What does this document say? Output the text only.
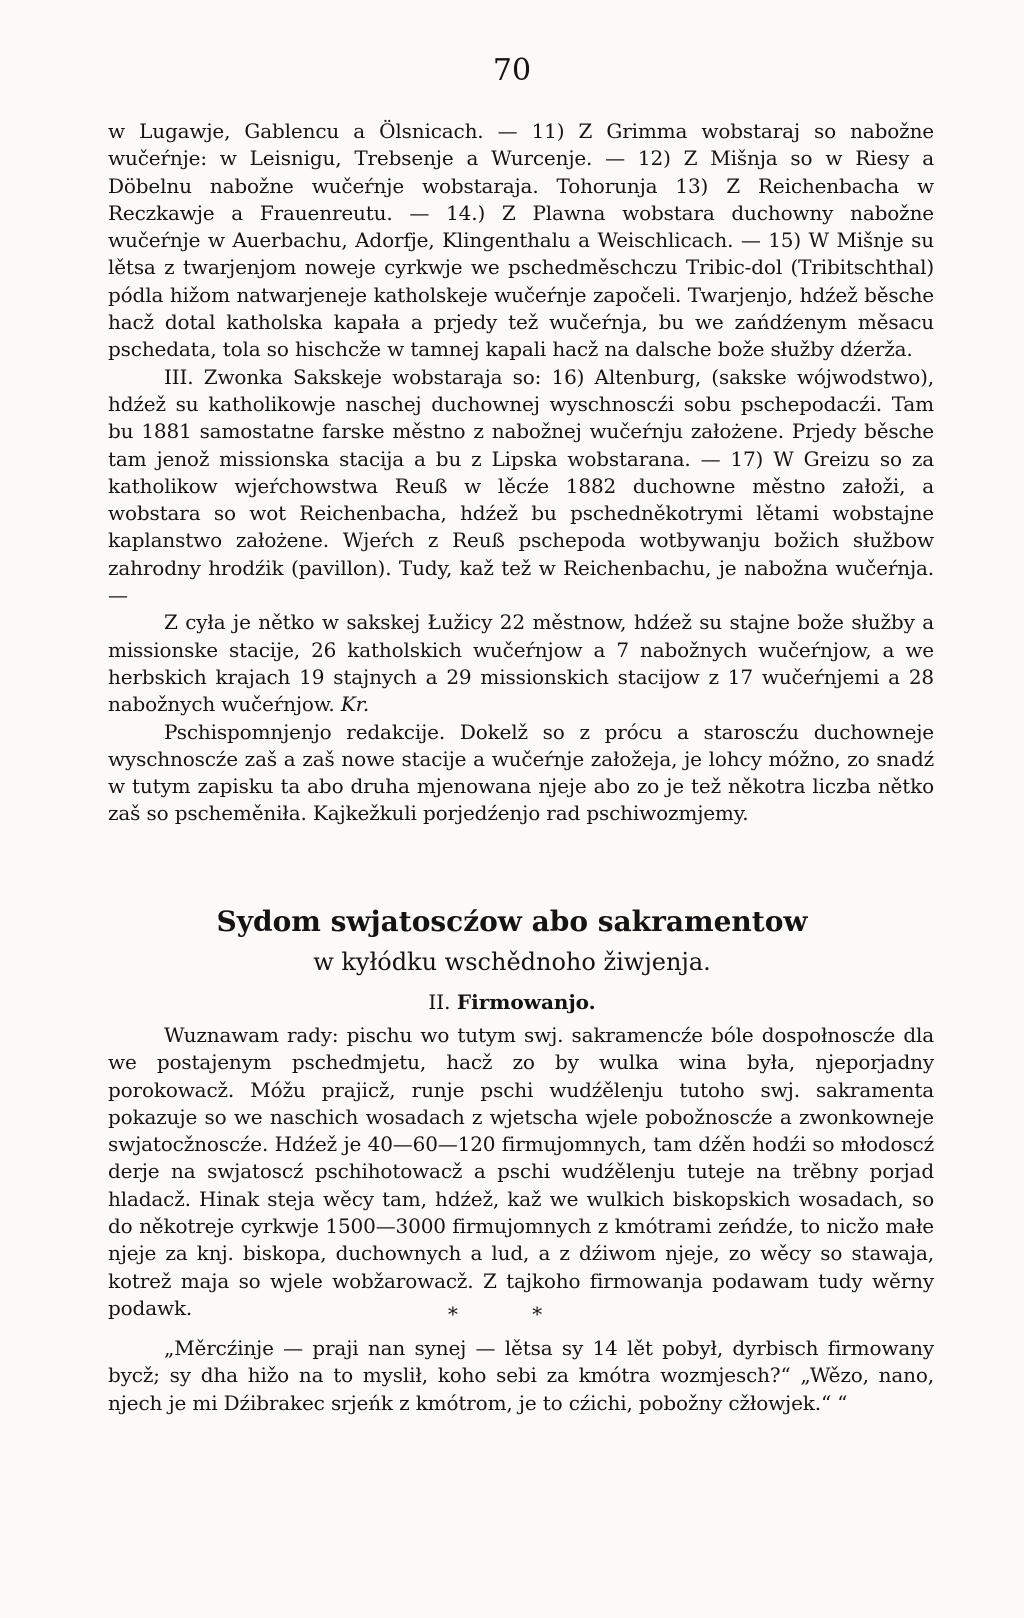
70

w Lugawje, Gablencu a Ölsnicach. — 11) Z Grimma wobstaraj so nabožne wučeŕnje: w Leisnigu, Trebsenje a Wurcenje. — 12) Z Mišnja so w Riesy a Döbelnu nabožne wučeŕnje wobstaraja. Tohorunja 13) Z Reichenbacha w Reczkawje a Frauenreutu. — 14.) Z Plawna wobstara duchowny nabožne wučeŕnje w Auerbachu, Adorfje, Klingenthalu a Weischlicach. — 15) W Mišnje su lětsa z twarjenjom noweje cyrkwje we pschedměschczu Tribic-dol (Tribitschthal) pódla hižom natwarjeneje katholskeje wučeŕnje započeli. Twarjenjo, hdźež běsche hacž dotal katholska kapała a prjedy tež wučeŕnja, bu we zańdźenym měsacu pschedata, tola so hischcže w tamnej kapali hacž na dalsche bože słužby dźerža.

III. Zwonka Sakskeje wobstaraja so: 16) Altenburg, (sakske wójwodstwo), hdźež su katholikowje naschej duchownej wyschnoscźi sobu pschepodacźi. Tam bu 1881 samostatne farske městno z nabožnej wučeŕnju założene. Prjedy běsche tam jenož missionska stacija a bu z Lipska wobstarana. — 17) W Greizu so za katholikow wjeŕchowstwa Reuß w lěcźe 1882 duchowne městno załoži, a wobstara so wot Reichenbacha, hdźež bu pschedněkotrymi lětami wobstajne kaplanstwo założene. Wjeŕch z Reuß pschepoda wotbywanju božich słužbow zahrodny hrodźik (pavillon). Tudy, kaž tež w Reichenbachu, je nabožna wučeŕnja. —

Z cyła je nětko w sakskej Łužicy 22 městnow, hdźež su stajne bože słužby a missionske stacije, 26 katholskich wučeŕnjow a 7 nabožnych wučeŕnjow, a we herbskich krajach 19 stajnych a 29 missionskich stacijow z 17 wučeŕnjemi a 28 nabožnych wučeŕnjow. Kr.

Pschispomnjenjo redakcije. Dokelž so z prócu a staroscźu duchowneje wyschnoscźe zaš a zaš nowe stacije a wučeŕnje załožeja, je lohcy móžno, zo snadź w tutym zapisku ta abo druha mjenowana njeje abo zo je tež někotra liczba nětko zaš so pscheměniła. Kajkežkuli porjedźenjo rad pschiwozmjemy.

Sydom swjatoscźow abo sakramentow
w kyłódku wschědnoho žiwjenja.
II. Firmowanjo.
Wuznawam rady: pischu wo tutym swj. sakramencźe bóle dospołnoscźe dla we postajenym pschedmjetu, hacž zo by wulka wina była, njeporjadny porokowacž. Móžu prajicž, runje pschi wudźělenju tutoho swj. sakramenta pokazuje so we naschich wosadach z wjetscha wjele pobožnoscźe a zwonkowneje swjatocžnoscźe. Hdźež je 40—60—120 firmujomnych, tam dźěn hodźi so młodoscź derje na swjatoscź pschihotowacž a pschi wudźělenju tuteje na trěbny porjad hladacž. Hinak steja wěcy tam, hdźež, kaž we wulkich biskopskich wosadach, so do někotreje cyrkwje 1500—3000 firmujomnych z kmótrami zeńdźe, to nicžo małe njeje za knj. biskopa, duchownych a lud, a z dźiwom njeje, zo wěcy so stawaja, kotrež maja so wjele wobžarowacž. Z tajkoho firmowanja podawam tudy wěrny podawk.	* *
„Měrcźinje — praji nan synej — lětsa sy 14 lět pobył, dyrbisch firmowany bycž; sy dha hižo na to myslił, koho sebi za kmótra wozmjesch?“ „Wězo, nano, njech je mi Dźibrakec srjeńk z kmótrom, je to cźichi, pobožny cžłowjek.“ “
